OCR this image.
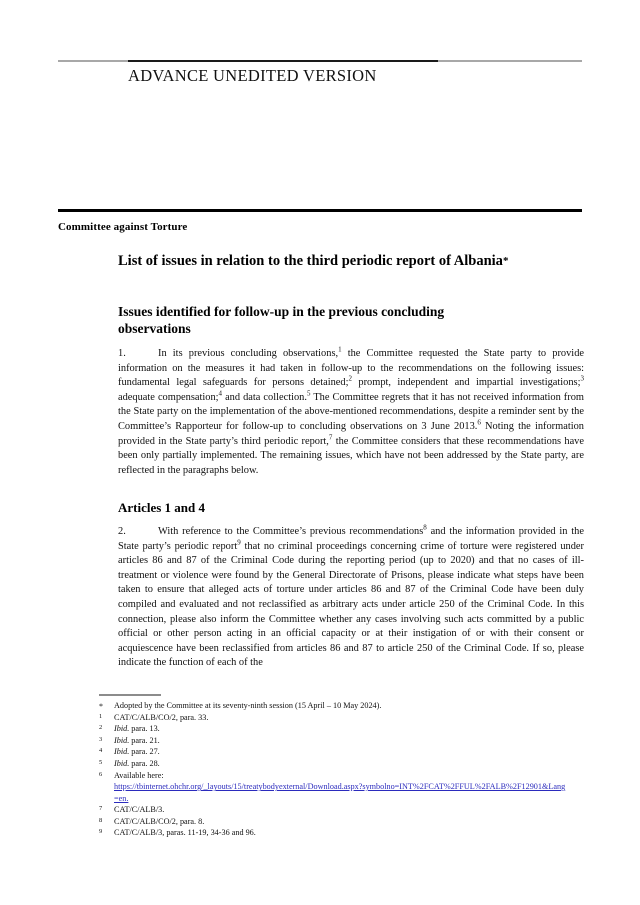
ADVANCE UNEDITED VERSION
Committee against Torture
List of issues in relation to the third periodic report of Albania*
Issues identified for follow-up in the previous concluding observations
1.	In its previous concluding observations,$^1$ the Committee requested the State party to provide information on the measures it had taken in follow-up to the recommendations on the following issues: fundamental legal safeguards for persons detained;$^2$ prompt, independent and impartial investigations;$^3$ adequate compensation;$^4$ and data collection.$^5$ The Committee regrets that it has not received information from the State party on the implementation of the above-mentioned recommendations, despite a reminder sent by the Committee’s Rapporteur for follow-up to concluding observations on 3 June 2013.$^6$ Noting the information provided in the State party’s third periodic report,$^7$ the Committee considers that these recommendations have been only partially implemented. The remaining issues, which have not been addressed by the State party, are reflected in the paragraphs below.
Articles 1 and 4
2.	With reference to the Committee’s previous recommendations$^8$ and the information provided in the State party’s periodic report$^9$ that no criminal proceedings concerning crime of torture were registered under articles 86 and 87 of the Criminal Code during the reporting period (up to 2020) and that no cases of ill-treatment or violence were found by the General Directorate of Prisons, please indicate what steps have been taken to ensure that alleged acts of torture under articles 86 and 87 of the Criminal Code have been duly compiled and evaluated and not reclassified as arbitrary acts under article 250 of the Criminal Code. In this connection, please also inform the Committee whether any cases involving such acts committed by a public official or other person acting in an official capacity or at their instigation of or with their consent or acquiescence have been reclassified from articles 86 and 87 to article 250 of the Criminal Code. If so, please indicate the function of each of the
*	Adopted by the Committee at its seventy-ninth session (15 April – 10 May 2024).
1	CAT/C/ALB/CO/2, para. 33.
2	Ibid. para. 13.
3	Ibid. para. 21.
4	Ibid. para. 27.
5	Ibid. para. 28.
6	Available here:
https://tbinternet.ohchr.org/_layouts/15/treatybodyexternal/Download.aspx?symbolno=INT%2FCAT%2FFUL%2FALB%2F12901&Lang=en.
7	CAT/C/ALB/3.
8	CAT/C/ALB/CO/2, para. 8.
9	CAT/C/ALB/3, paras. 11-19, 34-36 and 96.
